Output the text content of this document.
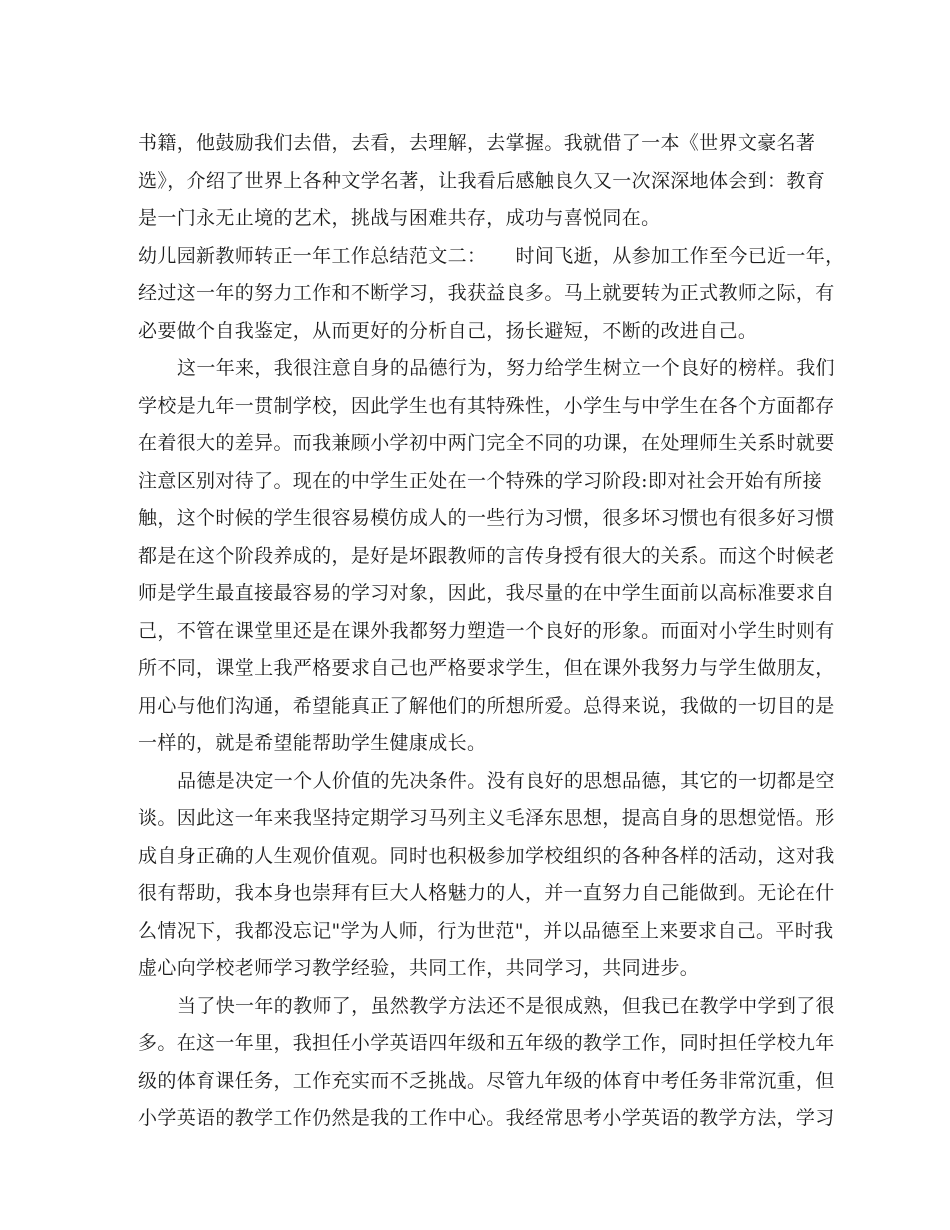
书籍，他鼓励我们去借，去看，去理解，去掌握。我就借了一本《世界文豪名著
选》，介绍了世界上各种文学名著，让我看后感触良久又一次深深地体会到：教育
是一门永无止境的艺术，挑战与困难共存，成功与喜悦同在。
幼儿园新教师转正一年工作总结范文二：　　时间飞逝，从参加工作至今已近一年，
经过这一年的努力工作和不断学习，我获益良多。马上就要转为正式教师之际，有
必要做个自我鉴定，从而更好的分析自己，扬长避短，不断的改进自己。
这一年来，我很注意自身的品德行为，努力给学生树立一个良好的榜样。我们
学校是九年一贯制学校，因此学生也有其特殊性，小学生与中学生在各个方面都存
在着很大的差异。而我兼顾小学初中两门完全不同的功课，在处理师生关系时就要
注意区别对待了。现在的中学生正处在一个特殊的学习阶段:即对社会开始有所接
触，这个时候的学生很容易模仿成人的一些行为习惯，很多坏习惯也有很多好习惯
都是在这个阶段养成的，是好是坏跟教师的言传身授有很大的关系。而这个时候老
师是学生最直接最容易的学习对象，因此，我尽量的在中学生面前以高标准要求自
己，不管在课堂里还是在课外我都努力塑造一个良好的形象。而面对小学生时则有
所不同，课堂上我严格要求自己也严格要求学生，但在课外我努力与学生做朋友，
用心与他们沟通，希望能真正了解他们的所想所爱。总得来说，我做的一切目的是
一样的，就是希望能帮助学生健康成长。
品德是决定一个人价值的先决条件。没有良好的思想品德，其它的一切都是空
谈。因此这一年来我坚持定期学习马列主义毛泽东思想，提高自身的思想觉悟。形
成自身正确的人生观价值观。同时也积极参加学校组织的各种各样的活动，这对我
很有帮助，我本身也崇拜有巨大人格魅力的人，并一直努力自己能做到。无论在什
么情况下，我都没忘记"学为人师，行为世范"，并以品德至上来要求自己。平时我
虚心向学校老师学习教学经验，共同工作，共同学习，共同进步。
当了快一年的教师了，虽然教学方法还不是很成熟，但我已在教学中学到了很
多。在这一年里，我担任小学英语四年级和五年级的教学工作，同时担任学校九年
级的体育课任务，工作充实而不乏挑战。尽管九年级的体育中考任务非常沉重，但
小学英语的教学工作仍然是我的工作中心。我经常思考小学英语的教学方法，学习
